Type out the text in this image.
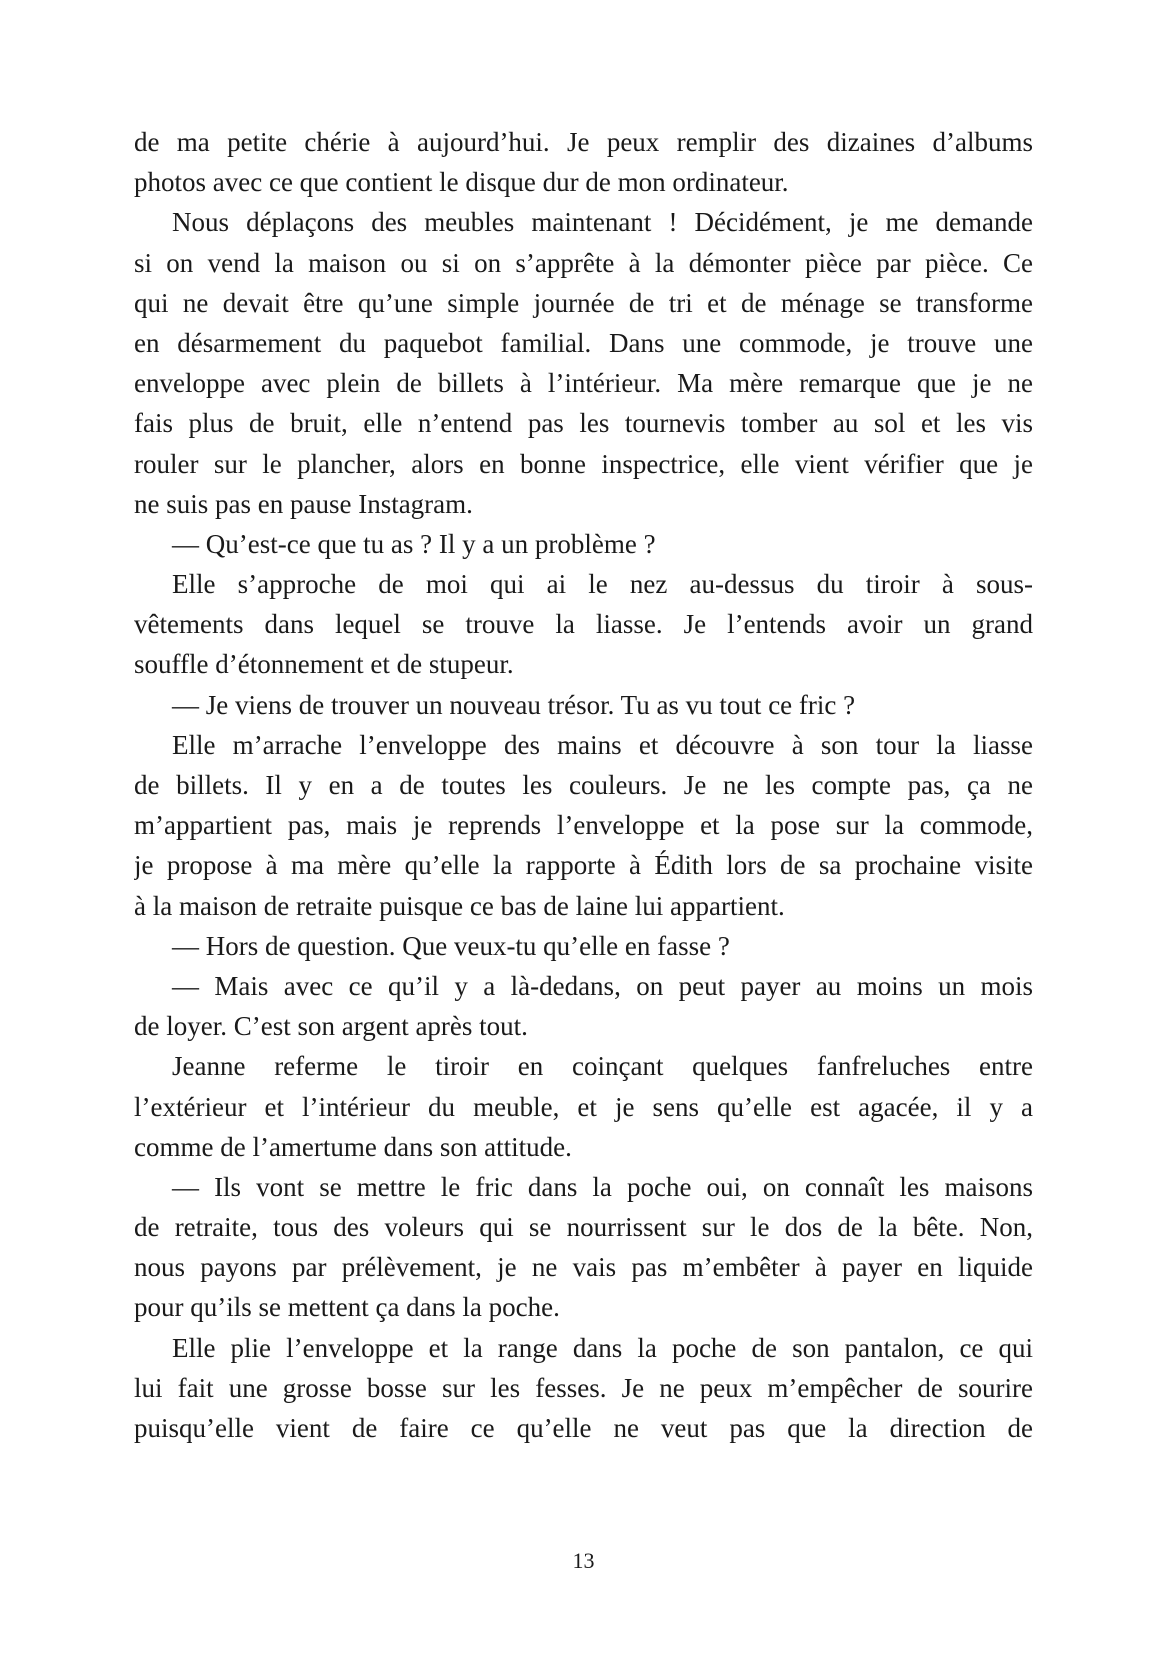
de ma petite chérie à aujourd’hui. Je peux remplir des dizaines d’albums
photos avec ce que contient le disque dur de mon ordinateur.
Nous déplaçons des meubles maintenant ! Décidément, je me demande
si on vend la maison ou si on s’apprête à la démonter pièce par pièce. Ce
qui ne devait être qu’une simple journée de tri et de ménage se transforme
en désarmement du paquebot familial. Dans une commode, je trouve une
enveloppe avec plein de billets à l’intérieur. Ma mère remarque que je ne
fais plus de bruit, elle n’entend pas les tournevis tomber au sol et les vis
rouler sur le plancher, alors en bonne inspectrice, elle vient vérifier que je
ne suis pas en pause Instagram.
— Qu’est-ce que tu as ? Il y a un problème ?
Elle s’approche de moi qui ai le nez au-dessus du tiroir à sous-
vêtements dans lequel se trouve la liasse. Je l’entends avoir un grand
souffle d’étonnement et de stupeur.
— Je viens de trouver un nouveau trésor. Tu as vu tout ce fric ?
Elle m’arrache l’enveloppe des mains et découvre à son tour la liasse
de billets. Il y en a de toutes les couleurs. Je ne les compte pas, ça ne
m’appartient pas, mais je reprends l’enveloppe et la pose sur la commode,
je propose à ma mère qu’elle la rapporte à Édith lors de sa prochaine visite
à la maison de retraite puisque ce bas de laine lui appartient.
— Hors de question. Que veux-tu qu’elle en fasse ?
— Mais avec ce qu’il y a là-dedans, on peut payer au moins un mois
de loyer. C’est son argent après tout.
Jeanne referme le tiroir en coinçant quelques fanfreluches entre
l’extérieur et l’intérieur du meuble, et je sens qu’elle est agacée, il y a
comme de l’amertume dans son attitude.
— Ils vont se mettre le fric dans la poche oui, on connaît les maisons
de retraite, tous des voleurs qui se nourrissent sur le dos de la bête. Non,
nous payons par prélèvement, je ne vais pas m’embêter à payer en liquide
pour qu’ils se mettent ça dans la poche.
Elle plie l’enveloppe et la range dans la poche de son pantalon, ce qui
lui fait une grosse bosse sur les fesses. Je ne peux m’empêcher de sourire
puisqu’elle vient de faire ce qu’elle ne veut pas que la direction de
13
